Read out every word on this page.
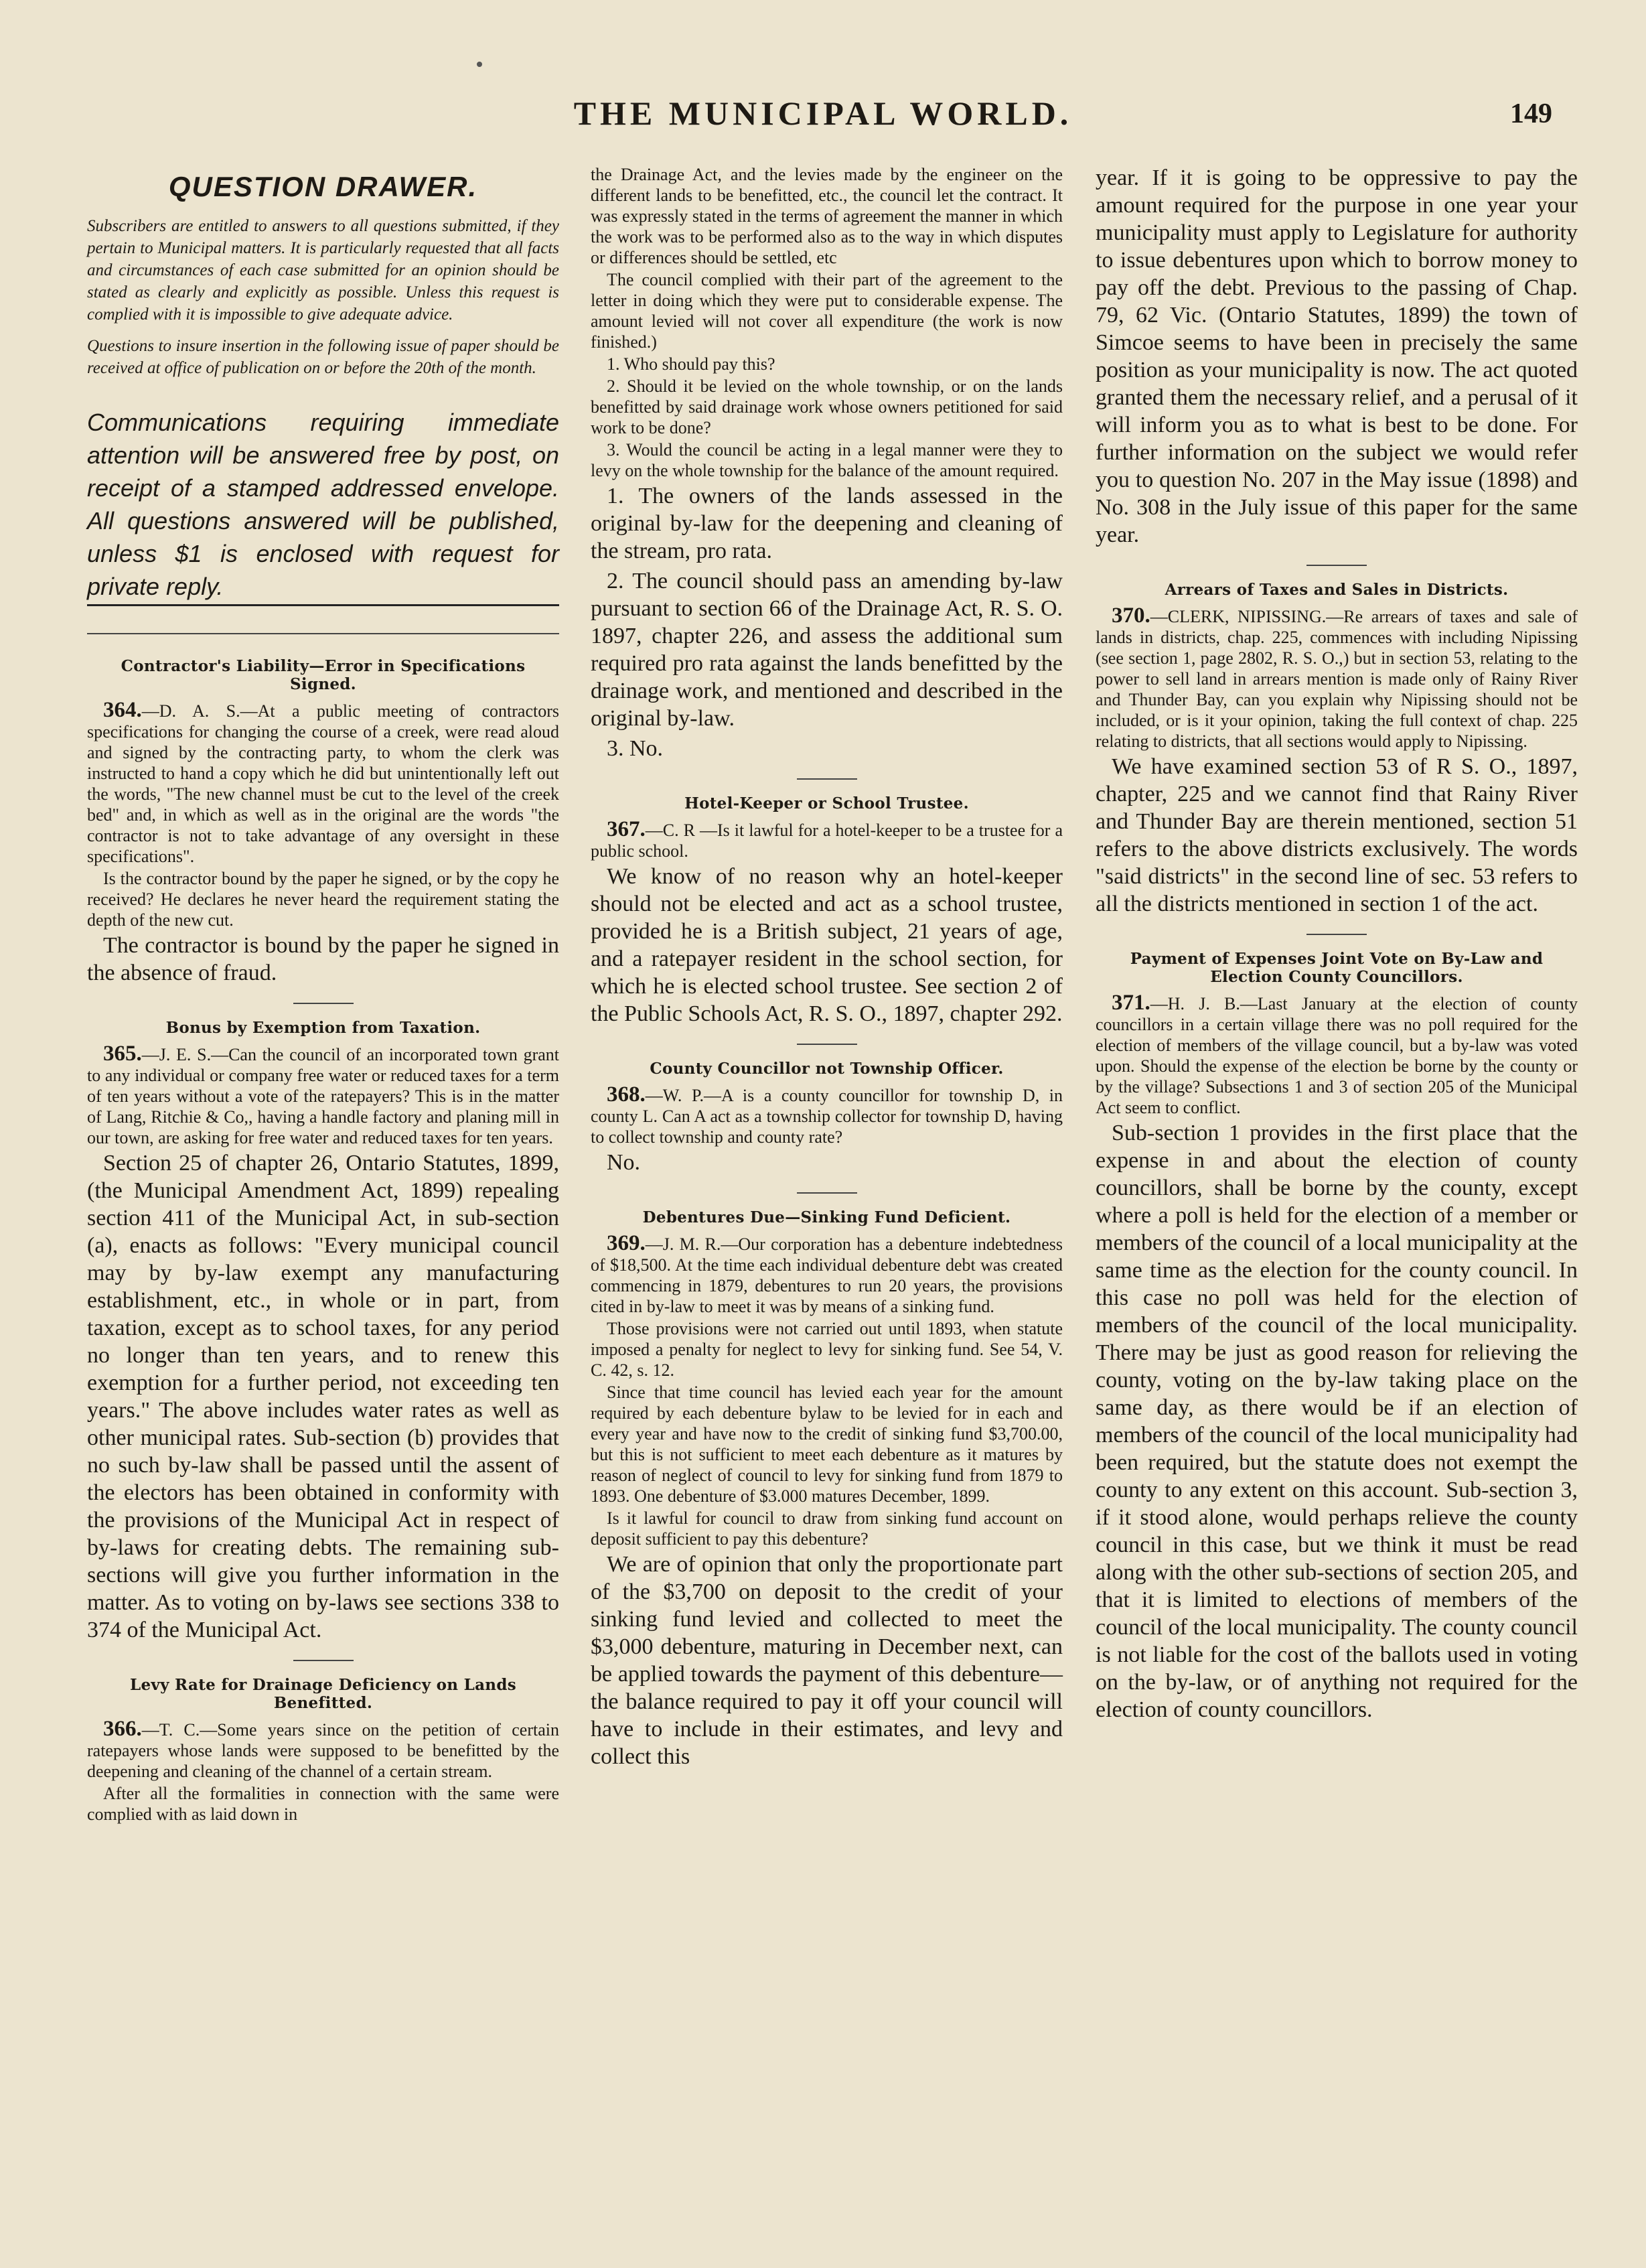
THE MUNICIPAL WORLD.	149
QUESTION DRAWER.

Subscribers are entitled to answers to all questions submitted, if they pertain to Municipal matters. It is particularly requested that all facts and circumstances of each case submitted for an opinion should be stated as clearly and explicitly as possible. Unless this request is complied with it is impossible to give adequate advice.

Questions to insure insertion in the following issue of paper should be received at office of publication on or before the 20th of the month.

Communications requiring immediate attention will be answered free by post, on receipt of a stamped addressed envelope. All questions answered will be published, unless $1 is enclosed with request for private reply.

Contractor's Liability—Error in Specifications Signed.

364.—D. A. S.—At a public meeting of contractors specifications for changing the course of a creek, were read aloud and signed by the contracting party, to whom the clerk was instructed to hand a copy which he did but unintentionally left out the words, "The new channel must be cut to the level of the creek bed" and, in which as well as in the original are the words "the contractor is not to take advantage of any oversight in these specifications".

Is the contractor bound by the paper he signed, or by the copy he received? He declares he never heard the requirement stating the depth of the new cut.

The contractor is bound by the paper he signed in the absence of fraud.

Bonus by Exemption from Taxation.

365.—J. E. S.—Can the council of an incorporated town grant to any individual or company free water or reduced taxes for a term of ten years without a vote of the ratepayers? This is in the matter of Lang, Ritchie & Co,, having a handle factory and planing mill in our town, are asking for free water and reduced taxes for ten years.

Section 25 of chapter 26, Ontario Statutes, 1899, (the Municipal Amendment Act, 1899) repealing section 411 of the Municipal Act, in sub-section (a), enacts as follows: "Every municipal council may by by-law exempt any manufacturing establishment, etc., in whole or in part, from taxation, except as to school taxes, for any period no longer than ten years, and to renew this exemption for a further period, not exceeding ten years." The above includes water rates as well as other municipal rates. Sub-section (b) provides that no such by-law shall be passed until the assent of the electors has been obtained in conformity with the provisions of the Municipal Act in respect of by-laws for creating debts. The remaining sub-sections will give you further information in the matter. As to voting on by-laws see sections 338 to 374 of the Municipal Act.

Levy Rate for Drainage Deficiency on Lands Benefitted.

366.—T. C.—Some years since on the petition of certain ratepayers whose lands were supposed to be benefitted by the deepening and cleaning of the channel of a certain stream.

After all the formalities in connection with the same were complied with as laid down in

the Drainage Act, and the levies made by the engineer on the different lands to be benefitted, etc., the council let the contract. It was expressly stated in the terms of agreement the manner in which the work was to be performed also as to the way in which disputes or differences should be settled, etc

The council complied with their part of the agreement to the letter in doing which they were put to considerable expense. The amount levied will not cover all expenditure (the work is now finished.)

1. Who should pay this?

2. Should it be levied on the whole township, or on the lands benefitted by said drainage work whose owners petitioned for said work to be done?

3. Would the council be acting in a legal manner were they to levy on the whole township for the balance of the amount required.

1. The owners of the lands assessed in the original by-law for the deepening and cleaning of the stream, pro rata.

2. The council should pass an amending by-law pursuant to section 66 of the Drainage Act, R. S. O. 1897, chapter 226, and assess the additional sum required pro rata against the lands benefitted by the drainage work, and mentioned and described in the original by-law.

3. No.

Hotel-Keeper or School Trustee.

367.—C. R —Is it lawful for a hotel-keeper to be a trustee for a public school.

We know of no reason why an hotel-keeper should not be elected and act as a school trustee, provided he is a British subject, 21 years of age, and a ratepayer resident in the school section, for which he is elected school trustee. See section 2 of the Public Schools Act, R. S. O., 1897, chapter 292.

County Councillor not Township Officer.

368.—W. P.—A is a county councillor for township D, in county L. Can A act as a township collector for township D, having to collect township and county rate?

No.

Debentures Due—Sinking Fund Deficient.

369.—J. M. R.—Our corporation has a debenture indebtedness of $18,500. At the time each individual debenture debt was created commencing in 1879, debentures to run 20 years, the provisions cited in by-law to meet it was by means of a sinking fund.

Those provisions were not carried out until 1893, when statute imposed a penalty for neglect to levy for sinking fund. See 54, V. C. 42, s. 12.

Since that time council has levied each year for the amount required by each debenture bylaw to be levied for in each and every year and have now to the credit of sinking fund $3,700.00, but this is not sufficient to meet each debenture as it matures by reason of neglect of council to levy for sinking fund from 1879 to 1893. One debenture of $3.000 matures December, 1899.

Is it lawful for council to draw from sinking fund account on deposit sufficient to pay this debenture?

We are of opinion that only the proportionate part of the $3,700 on deposit to the credit of your sinking fund levied and collected to meet the $3,000 debenture, maturing in December next, can be applied towards the payment of this debenture—the balance required to pay it off your council will have to include in their estimates, and levy and collect this

year. If it is going to be oppressive to pay the amount required for the purpose in one year your municipality must apply to Legislature for authority to issue debentures upon which to borrow money to pay off the debt. Previous to the passing of Chap. 79, 62 Vic. (Ontario Statutes, 1899) the town of Simcoe seems to have been in precisely the same position as your municipality is now. The act quoted granted them the necessary relief, and a perusal of it will inform you as to what is best to be done. For further information on the subject we would refer you to question No. 207 in the May issue (1898) and No. 308 in the July issue of this paper for the same year.

Arrears of Taxes and Sales in Districts.

370.—CLERK, NIPISSING.—Re arrears of taxes and sale of lands in districts, chap. 225, commences with including Nipissing (see section 1, page 2802, R. S. O.,) but in section 53, relating to the power to sell land in arrears mention is made only of Rainy River and Thunder Bay, can you explain why Nipissing should not be included, or is it your opinion, taking the full context of chap. 225 relating to districts, that all sections would apply to Nipissing.

We have examined section 53 of R S. O., 1897, chapter, 225 and we cannot find that Rainy River and Thunder Bay are therein mentioned, section 51 refers to the above districts exclusively. The words "said districts" in the second line of sec. 53 refers to all the districts mentioned in section 1 of the act.

Payment of Expenses Joint Vote on By-Law and Election County Councillors.

371.—H. J. B.—Last January at the election of county councillors in a certain village there was no poll required for the election of members of the village council, but a by-law was voted upon. Should the expense of the election be borne by the county or by the village? Subsections 1 and 3 of section 205 of the Municipal Act seem to conflict.

Sub-section 1 provides in the first place that the expense in and about the election of county councillors, shall be borne by the county, except where a poll is held for the election of a member or members of the council of a local municipality at the same time as the election for the county council. In this case no poll was held for the election of members of the council of the local municipality. There may be just as good reason for relieving the county, voting on the by-law taking place on the same day, as there would be if an election of members of the council of the local municipality had been required, but the statute does not exempt the county to any extent on this account. Sub-section 3, if it stood alone, would perhaps relieve the county council in this case, but we think it must be read along with the other sub-sections of section 205, and that it is limited to elections of members of the council of the local municipality. The county council is not liable for the cost of the ballots used in voting on the by-law, or of anything not required for the election of county councillors.
